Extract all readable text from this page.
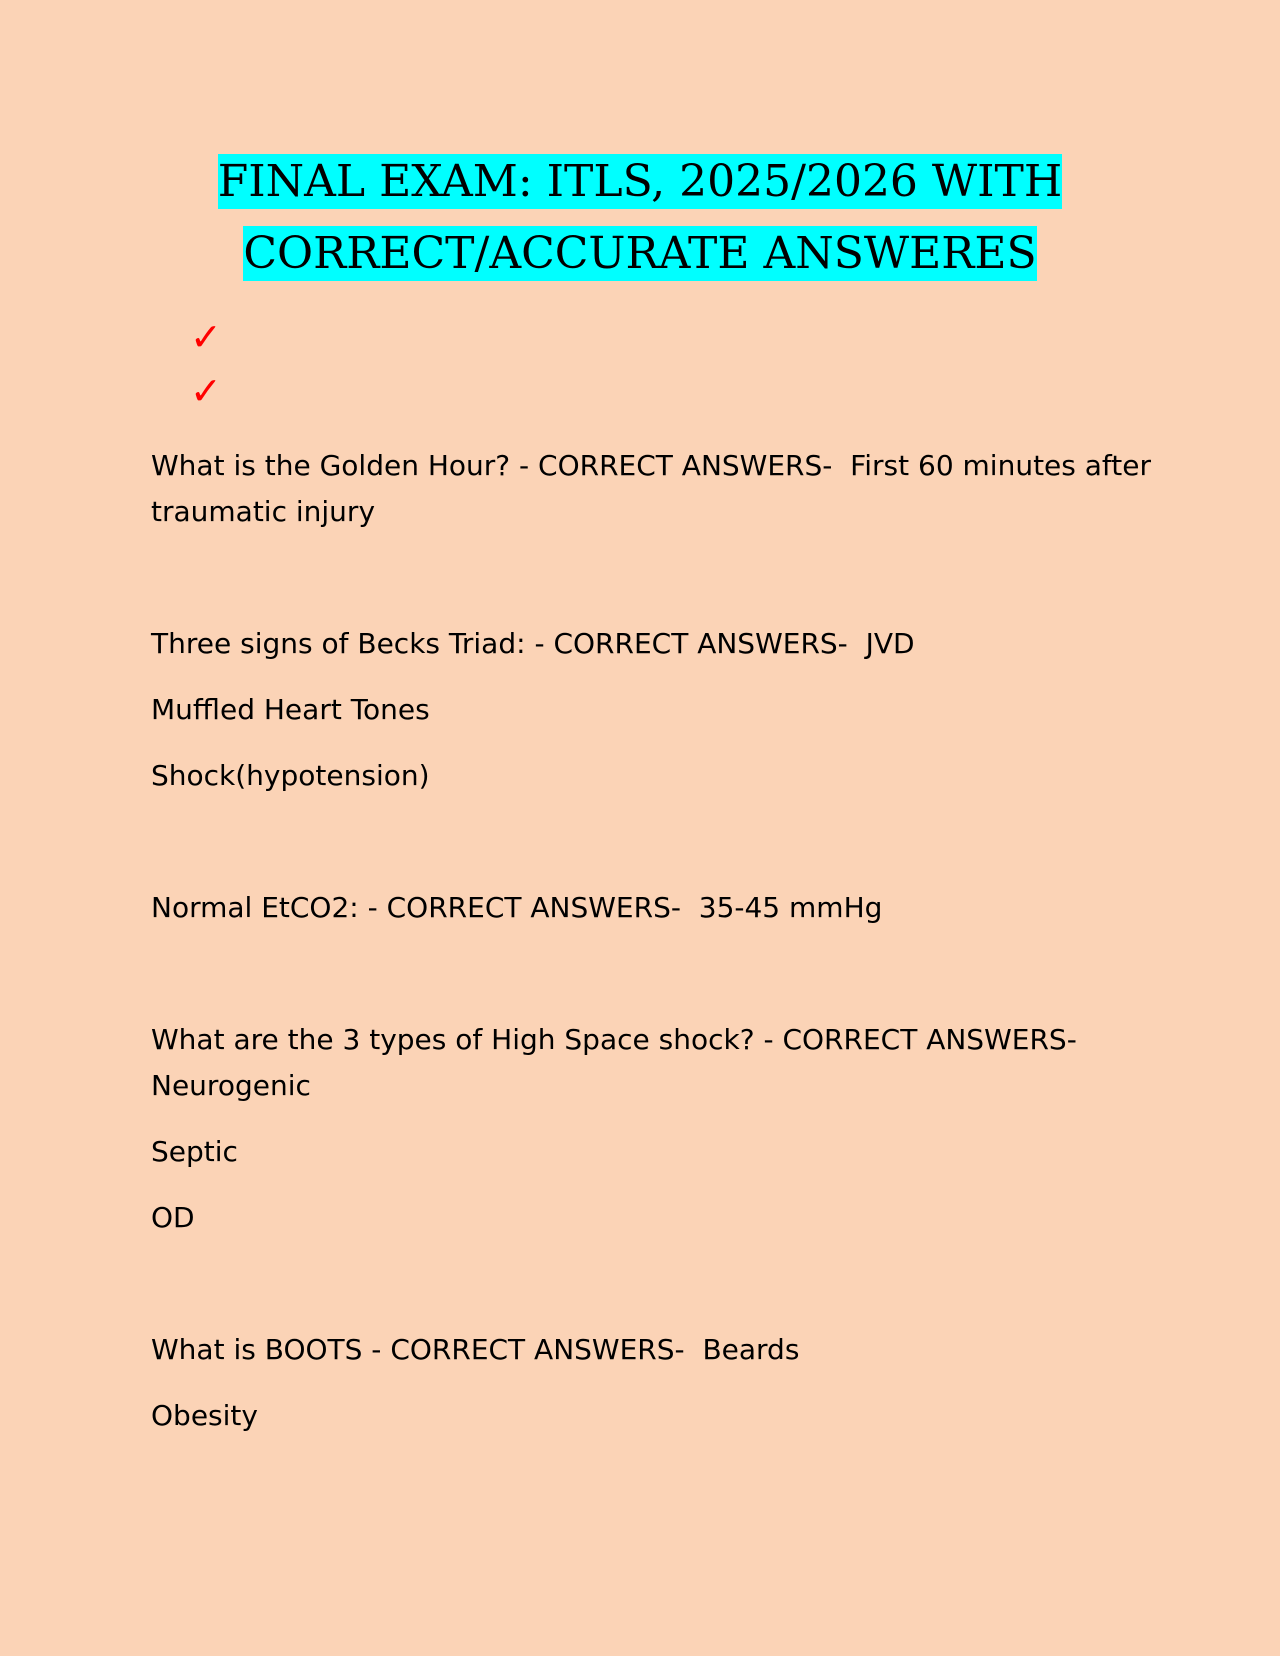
FINAL EXAM: ITLS, 2025/2026 WITH
CORRECT/ACCURATE ANSWERES
✓
✓

What is the Golden Hour? - CORRECT ANSWERS-  First 60 minutes after

traumatic injury

Three signs of Becks Triad: - CORRECT ANSWERS-  JVD

Muffled Heart Tones

Shock(hypotension)

Normal EtCO2: - CORRECT ANSWERS-  35-45 mmHg

What are the 3 types of High Space shock? - CORRECT ANSWERS-

Neurogenic

Septic

OD

What is BOOTS - CORRECT ANSWERS-  Beards

Obesity
